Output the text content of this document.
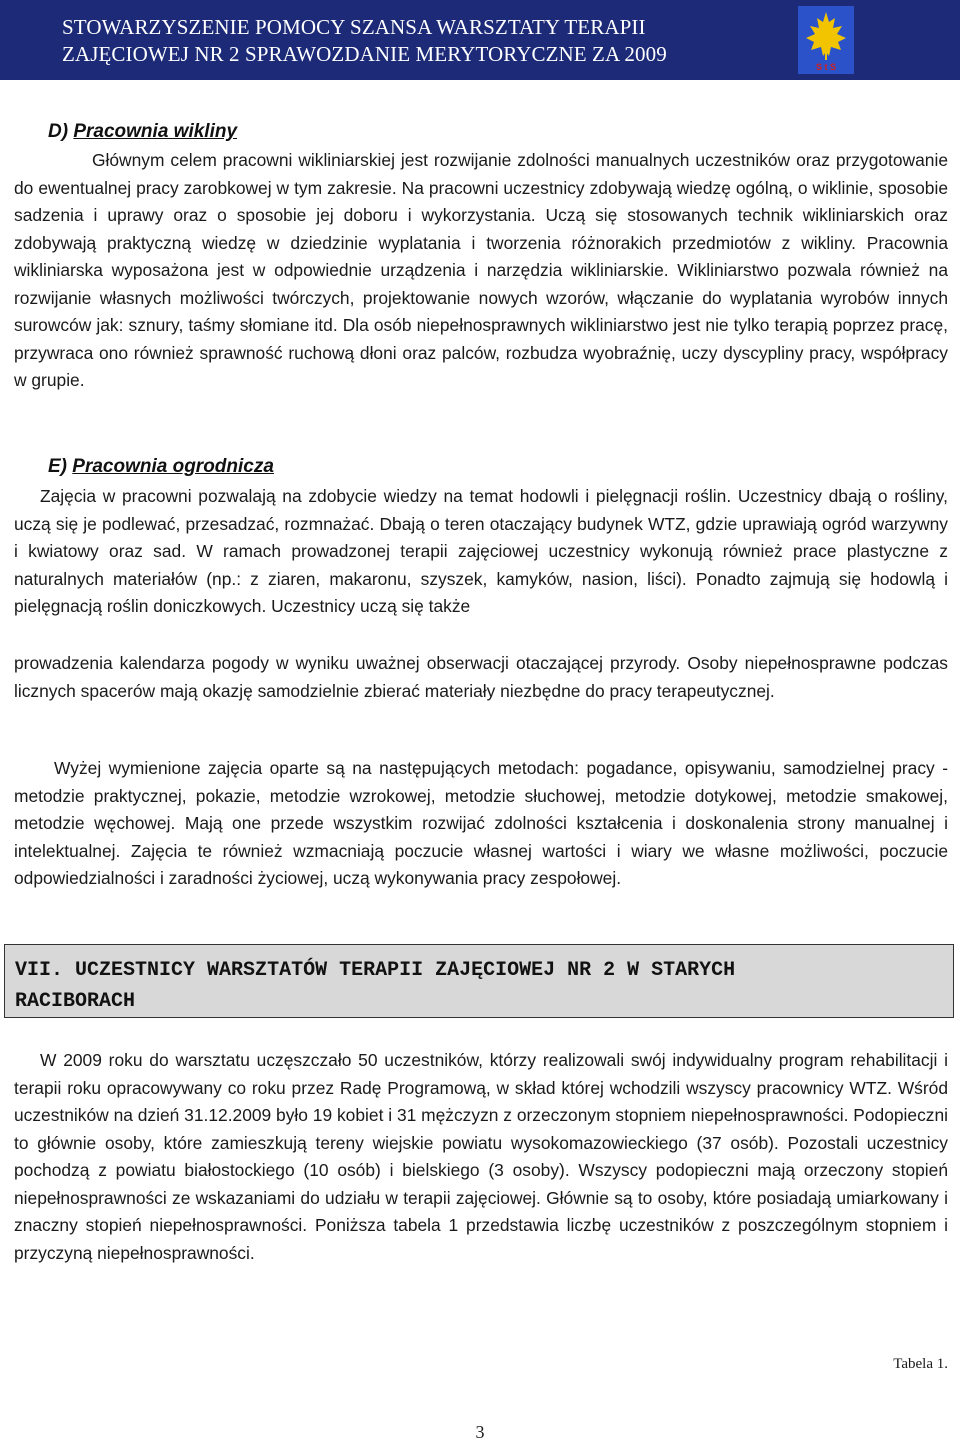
STOWARZYSZENIE POMOCY SZANSA WARSZTATY TERAPII
ZAJĘCIOWEJ NR 2 SPRAWOZDANIE MERYTORYCZNE ZA 2009
S t S
D) Pracownia wikliny

Głównym celem pracowni wikliniarskiej jest rozwijanie zdolności manualnych uczestników oraz przygotowanie do ewentualnej pracy zarobkowej w tym zakresie. Na pracowni uczestnicy zdobywają wiedzę ogólną, o wiklinie, sposobie sadzenia i uprawy oraz o sposobie jej doboru i wykorzystania. Uczą się stosowanych technik wikliniarskich oraz zdobywają praktyczną wiedzę w dziedzinie wyplatania i tworzenia różnorakich przedmiotów z wikliny. Pracownia wikliniarska wyposażona jest w odpowiednie urządzenia i narzędzia wikliniarskie. Wikliniarstwo pozwala również na rozwijanie własnych możliwości twórczych, projektowanie nowych wzorów, włączanie do wyplatania wyrobów innych surowców jak: sznury, taśmy słomiane itd. Dla osób niepełnosprawnych wikliniarstwo jest nie tylko terapią poprzez pracę, przywraca ono również sprawność ruchową dłoni oraz palców, rozbudza wyobraźnię, uczy dyscypliny pracy, współpracy w grupie.

E) Pracownia ogrodnicza

Zajęcia w pracowni pozwalają na zdobycie wiedzy na temat hodowli i pielęgnacji roślin. Uczestnicy dbają o rośliny, uczą się je podlewać, przesadzać, rozmnażać. Dbają o teren otaczający budynek WTZ, gdzie uprawiają ogród warzywny i kwiatowy oraz sad. W ramach prowadzonej terapii zajęciowej uczestnicy wykonują również prace plastyczne z naturalnych materiałów (np.: z ziaren, makaronu, szyszek, kamyków, nasion, liści). Ponadto zajmują się hodowlą i pielęgnacją roślin doniczkowych. Uczestnicy uczą się także

prowadzenia kalendarza pogody w wyniku uważnej obserwacji otaczającej przyrody. Osoby niepełnosprawne podczas licznych spacerów mają okazję samodzielnie zbierać materiały niezbędne do pracy terapeutycznej.

Wyżej wymienione zajęcia oparte są na następujących metodach: pogadance, opisywaniu, samodzielnej pracy - metodzie praktycznej, pokazie, metodzie wzrokowej, metodzie słuchowej, metodzie dotykowej, metodzie smakowej, metodzie węchowej. Mają one przede wszystkim rozwijać zdolności kształcenia i doskonalenia strony manualnej i intelektualnej. Zajęcia te również wzmacniają poczucie własnej wartości i wiary we własne możliwości, poczucie odpowiedzialności i zaradności życiowej, uczą wykonywania pracy zespołowej.

VII. UCZESTNICY WARSZTATÓW TERAPII ZAJĘCIOWEJ NR 2 W STARYCH
RACIBORACH

W 2009 roku do warsztatu uczęszczało 50 uczestników, którzy realizowali swój indywidualny program rehabilitacji i terapii roku opracowywany co roku przez Radę Programową, w skład której wchodzili wszyscy pracownicy WTZ. Wśród uczestników na dzień 31.12.2009 było 19 kobiet i 31 mężczyzn z orzeczonym stopniem niepełnosprawności. Podopieczni to głównie osoby, które zamieszkują tereny wiejskie powiatu wysokomazowieckiego (37 osób). Pozostali uczestnicy pochodzą z powiatu białostockiego (10 osób) i bielskiego (3 osoby). Wszyscy podopieczni mają orzeczony stopień niepełnosprawności ze wskazaniami do udziału w terapii zajęciowej. Głównie są to osoby, które posiadają umiarkowany i znaczny stopień niepełnosprawności. Poniższa tabela 1 przedstawia liczbę uczestników z poszczególnym stopniem i przyczyną niepełnosprawności.

Tabela 1.
3
